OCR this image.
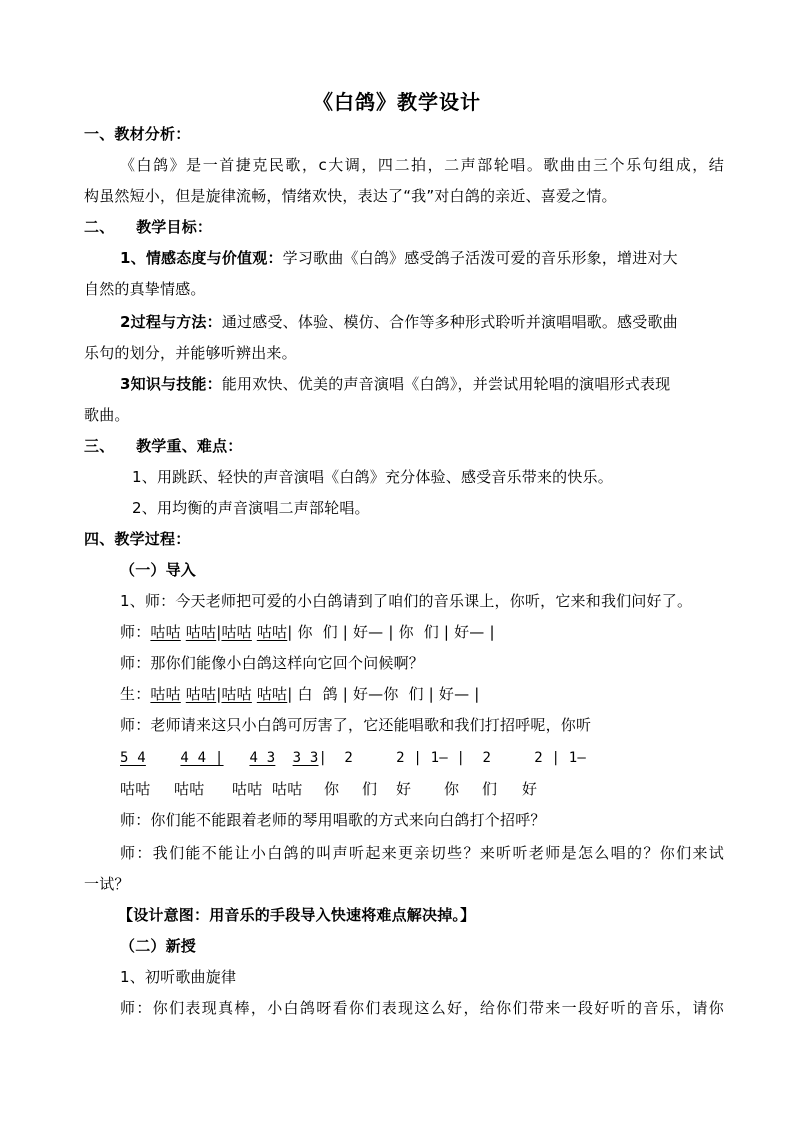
《白鸽》教学设计
一、教材分析：
《白鸽》是一首捷克民歌，c大调，四二拍，二声部轮唱。歌曲由三个乐句组成，结
构虽然短小，但是旋律流畅，情绪欢快，表达了“我”对白鸽的亲近、喜爱之情。
二、    教学目标：
1、情感态度与价值观：学习歌曲《白鸽》感受鸽子活泼可爱的音乐形象，增进对大
自然的真挚情感。
2过程与方法：通过感受、体验、模仿、合作等多种形式聆听并演唱唱歌。感受歌曲
乐句的划分，并能够听辨出来。
3知识与技能：能用欢快、优美的声音演唱《白鸽》，并尝试用轮唱的演唱形式表现
歌曲。
三、    教学重、难点：
1、用跳跃、轻快的声音演唱《白鸽》充分体验、感受音乐带来的快乐。
2、用均衡的声音演唱二声部轮唱。
四、教学过程：
（一）导入
1、师：今天老师把可爱的小白鸽请到了咱们的音乐课上，你听，它来和我们问好了。
师：咕咕 咕咕|咕咕 咕咕| 你  们 | 好— | 你  们 | 好— |
师：那你们能像小白鸽这样向它回个问候啊？
生：咕咕 咕咕|咕咕 咕咕| 白  鸽 | 好—你  们 | 好— |
师：老师请来这只小白鸽可厉害了，它还能唱歌和我们打招呼呢，你听
5 4 4 4 | 4 3 3 3|  2     2 | 1— |  2     2 | 1—
咕咕 咕咕 咕咕 咕咕 你 们 好 你 们 好
师：你们能不能跟着老师的琴用唱歌的方式来向白鸽打个招呼？
师：我们能不能让小白鸽的叫声听起来更亲切些？来听听老师是怎么唱的？你们来试
一试？
【设计意图：用音乐的手段导入快速将难点解决掉。】
（二）新授
1、初听歌曲旋律
师：你们表现真棒，小白鸽呀看你们表现这么好，给你们带来一段好听的音乐，请你
